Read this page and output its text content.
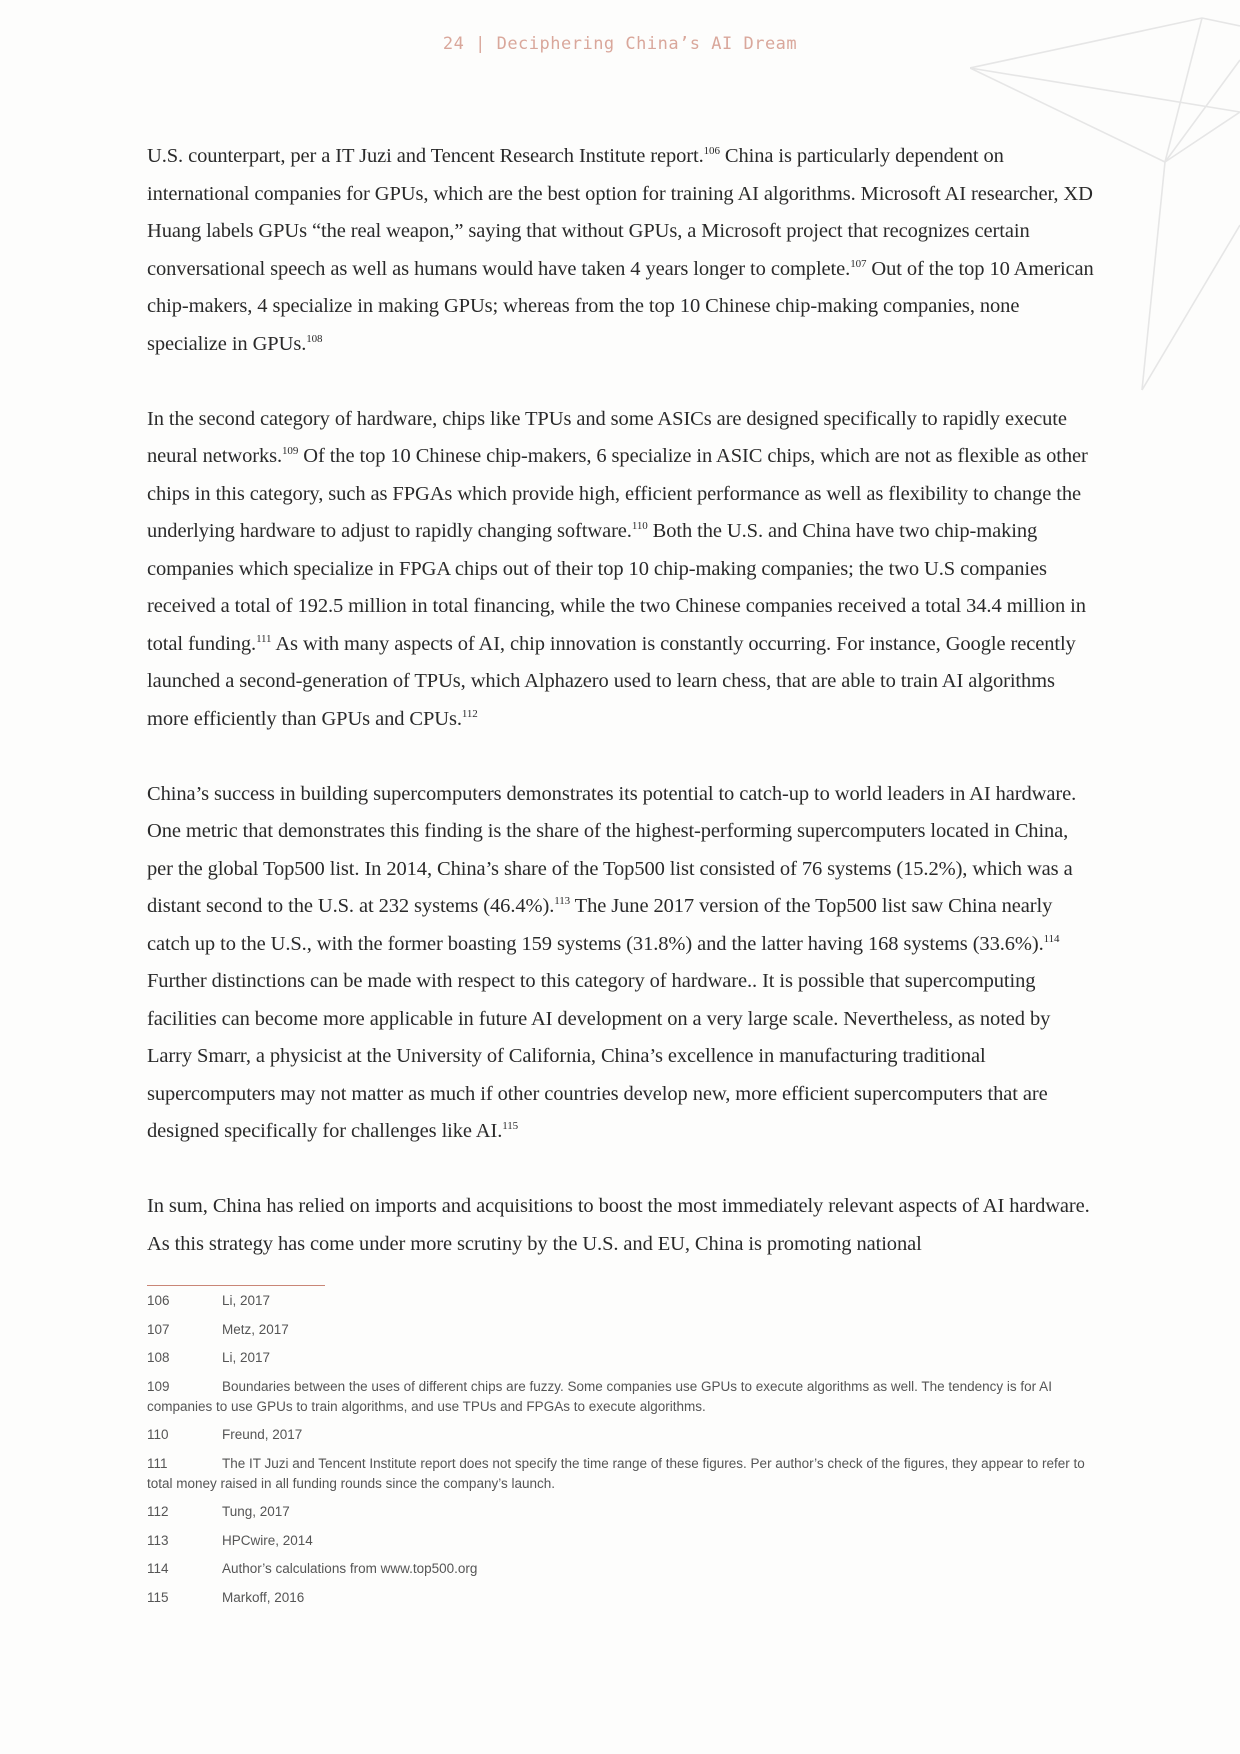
24 | Deciphering China’s AI Dream

U.S. counterpart, per a IT Juzi and Tencent Research Institute report.$^{106}$ China is particularly dependent on international companies for GPUs, which are the best option for training AI algorithms. Microsoft AI researcher, XD Huang labels GPUs “the real weapon,” saying that without GPUs, a Microsoft project that recognizes certain conversational speech as well as humans would have taken 4 years longer to complete.$^{107}$ Out of the top 10 American chip-makers, 4 specialize in making GPUs; whereas from the top 10 Chinese chip-making companies, none specialize in GPUs.$^{108}$

In the second category of hardware, chips like TPUs and some ASICs are designed specifically to rapidly execute neural networks.$^{109}$ Of the top 10 Chinese chip-makers, 6 specialize in ASIC chips, which are not as flexible as other chips in this category, such as FPGAs which provide high, efficient performance as well as flexibility to change the underlying hardware to adjust to rapidly changing software.$^{110}$ Both the U.S. and China have two chip-making companies which specialize in FPGA chips out of their top 10 chip-making companies; the two U.S companies received a total of 192.5 million in total financing, while the two Chinese companies received a total 34.4 million in total funding.$^{111}$ As with many aspects of AI, chip innovation is constantly occurring. For instance, Google recently launched a second-generation of TPUs, which Alphazero used to learn chess, that are able to train AI algorithms more efficiently than GPUs and CPUs.$^{112}$

China’s success in building supercomputers demonstrates its potential to catch-up to world leaders in AI hardware. One metric that demonstrates this finding is the share of the highest-performing supercomputers located in China, per the global Top500 list. In 2014, China’s share of the Top500 list consisted of 76 systems (15.2%), which was a distant second to the U.S. at 232 systems (46.4%).$^{113}$ The June 2017 version of the Top500 list saw China nearly catch up to the U.S., with the former boasting 159 systems (31.8%) and the latter having 168 systems (33.6%).$^{114}$ Further distinctions can be made with respect to this category of hardware.. It is possible that supercomputing facilities can become more applicable in future AI development on a very large scale. Nevertheless, as noted by Larry Smarr, a physicist at the University of California, China’s excellence in manufacturing traditional supercomputers may not matter as much if other countries develop new, more efficient supercomputers that are designed specifically for challenges like AI.$^{115}$

In sum, China has relied on imports and acquisitions to boost the most immediately relevant aspects of AI hardware. As this strategy has come under more scrutiny by the U.S. and EU, China is promoting national

106	Li, 2017
107	Metz, 2017
108	Li, 2017
109	Boundaries between the uses of different chips are fuzzy. Some companies use GPUs to execute algorithms as well. The tendency is for AI companies to use GPUs to train algorithms, and use TPUs and FPGAs to execute algorithms.
110	Freund, 2017
111	The IT Juzi and Tencent Institute report does not specify the time range of these figures. Per author’s check of the figures, they appear to refer to total money raised in all funding rounds since the company’s launch.
112	Tung, 2017
113	HPCwire, 2014
114	Author’s calculations from www.top500.org
115	Markoff, 2016
